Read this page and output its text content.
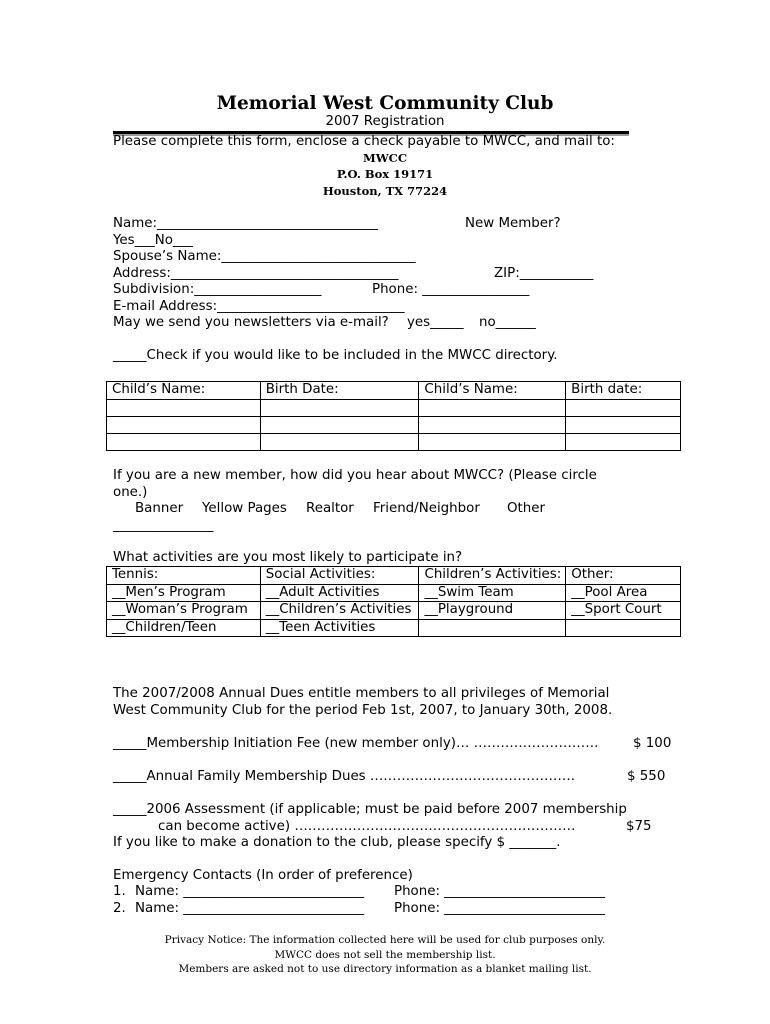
Memorial West Community Club
2007 Registration
Please complete this form, enclose a check payable to MWCC, and mail to:
MWCC
P.O. Box 19171
Houston, TX 77224
Name:_________________________________	New Member?
Yes___No___
Spouse’s Name:_____________________________
Address:__________________________________	ZIP:___________
Subdivision:___________________	Phone: ________________
E-mail Address:____________________________
May we send you newsletters via e-mail? yes_____ no______
_____Check if you would like to be included in the MWCC directory.
Child’s Name:	Birth Date:	Child’s Name:	Birth date:

If you are a new member, how did you hear about MWCC? (Please circle
one.)
Banner Yellow Pages Realtor Friend/Neighbor Other
_______________
What activities are you most likely to participate in?
Tennis:	Social Activities:	Children’s Activities:	Other:
__Men’s Program	__Adult Activities	__Swim Team	__Pool Area
__Woman’s Program	__Children’s Activities	__Playground	__Sport Court
__Children/Teen	__Teen Activities		
The 2007/2008 Annual Dues entitle members to all privileges of Memorial West Community Club for the period Feb 1st, 2007, to January 30th, 2008.
_____Membership Initiation Fee (new member only)… ……………………….	$ 100
_____Annual Family Membership Dues ……………………………………….	$ 550
_____2006 Assessment (if applicable; must be paid before 2007 membership
can become active) ………………………………………………………	$75
If you like to make a donation to the club, please specify $ _______.
Emergency Contacts (In order of preference)
1. Name: ___________________________ Phone: ________________________
2. Name: ___________________________ Phone: ________________________
Privacy Notice: The information collected here will be used for club purposes only.
MWCC does not sell the membership list.
Members are asked not to use directory information as a blanket mailing list.
